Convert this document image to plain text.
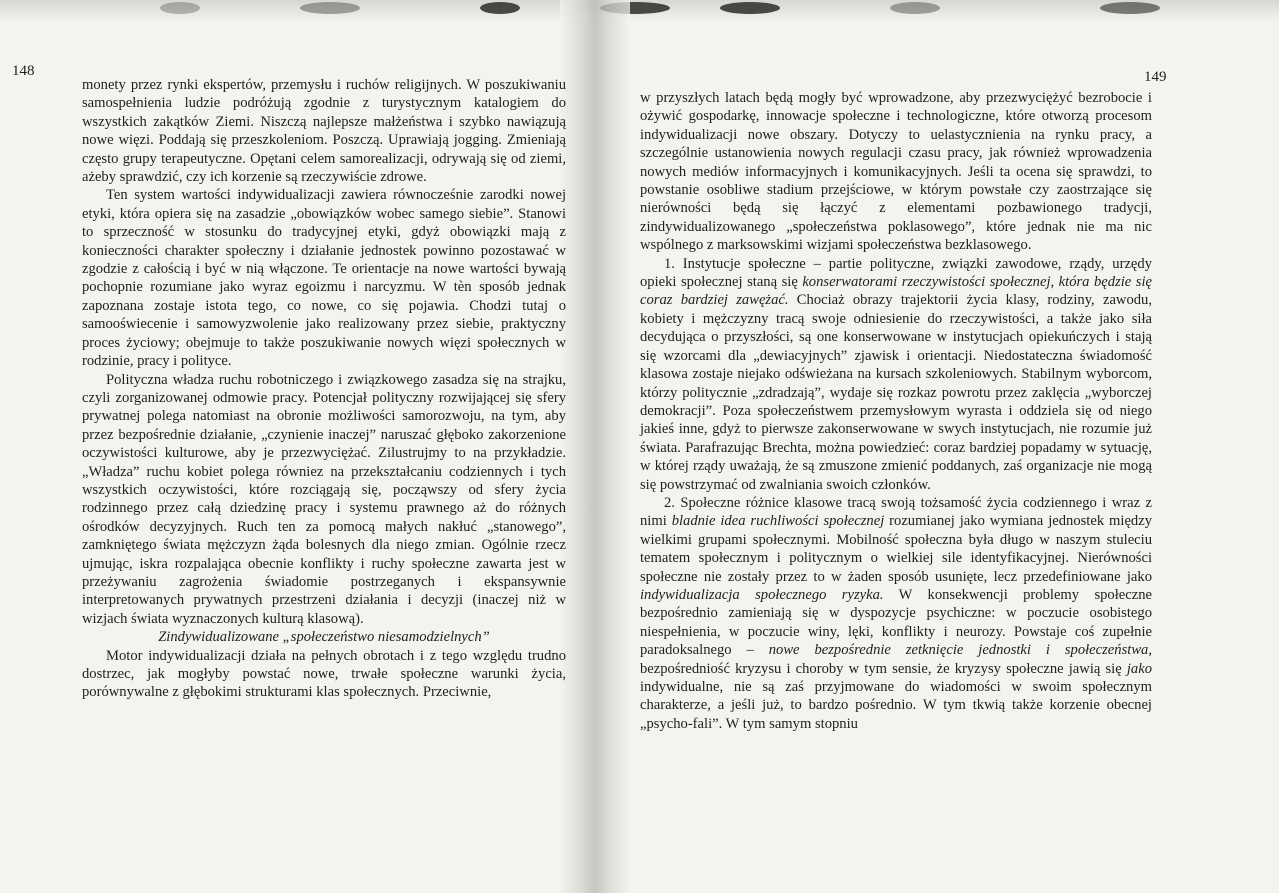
148	149

monety przez rynki ekspertów, przemysłu i ruchów religijnych. W poszukiwaniu samospełnienia ludzie podróżują zgodnie z turystycznym katalogiem do wszystkich zakątków Ziemi. Niszczą najlepsze małżeństwa i szybko nawiązują nowe więzi. Poddają się przeszkoleniom. Poszczą. Uprawiają jogging. Zmieniają często grupy terapeutyczne. Opętani celem samorealizacji, odrywają się od ziemi, ażeby sprawdzić, czy ich korzenie są rzeczywiście zdrowe.

Ten system wartości indywidualizacji zawiera równocześnie zarodki nowej etyki, która opiera się na zasadzie „obowiązków wobec samego siebie”. Stanowi to sprzeczność w stosunku do tradycyjnej etyki, gdyż obowiązki mają z konieczności charakter społeczny i działanie jednostek powinno pozostawać w zgodzie z całością i być w nią włączone. Te orientacje na nowe wartości bywają pochopnie rozumiane jako wyraz egoizmu i narcyzmu. W tèn sposób jednak zapoznana zostaje istota tego, co nowe, co się pojawia. Chodzi tutaj o samooświecenie i samowyzwolenie jako realizowany przez siebie, praktyczny proces życiowy; obejmuje to także poszukiwanie nowych więzi społecznych w rodzinie, pracy i polityce.

Polityczna władza ruchu robotniczego i związkowego zasadza się na strajku, czyli zorganizowanej odmowie pracy. Potencjał polityczny rozwijającej się sfery prywatnej polega natomiast na obronie możliwości samorozwoju, na tym, aby przez bezpośrednie działanie, „czynienie inaczej” naruszać głęboko zakorzenione oczywistości kulturowe, aby je przezwyciężać. Zilustrujmy to na przykładzie. „Władza” ruchu kobiet polega równiez na przekształcaniu codziennych i tych wszystkich oczywistości, które rozciągają się, począwszy od sfery życia rodzinnego przez całą dziedzinę pracy i systemu prawnego aż do różnych ośrodków decyzyjnych. Ruch ten za pomocą małych nakłuć „stanowego”, zamkniętego świata mężczyzn żąda bolesnych dla niego zmian. Ogólnie rzecz ujmując, iskra rozpalająca obecnie konflikty i ruchy społeczne zawarta jest w przeżywaniu zagrożenia świadomie postrzeganych i ekspansywnie interpretowanych prywatnych przestrzeni działania i decyzji (inaczej niż w wizjach świata wyznaczonych kulturą klasową).

Zindywidualizowane „społeczeństwo niesamodzielnych”

Motor indywidualizacji działa na pełnych obrotach i z tego względu trudno dostrzec, jak mogłyby powstać nowe, trwałe społeczne warunki życia, porównywalne z głębokimi strukturami klas społecznych. Przeciwnie,

w przyszłych latach będą mogły być wprowadzone, aby przezwyciężyć bezrobocie i ożywić gospodarkę, innowacje społeczne i technologiczne, które otworzą procesom indywidualizacji nowe obszary. Dotyczy to uelastycznienia na rynku pracy, a szczególnie ustanowienia nowych regulacji czasu pracy, jak również wprowadzenia nowych mediów informacyjnych i komunikacyjnych. Jeśli ta ocena się sprawdzi, to powstanie osobliwe stadium przejściowe, w którym powstałe czy zaostrzające się nierówności będą się łączyć z elementami pozbawionego tradycji, zindywidualizowanego „społeczeństwa poklasowego”, które jednak nie ma nic wspólnego z marksowskimi wizjami społeczeństwa bezklasowego.

1. Instytucje społeczne – partie polityczne, związki zawodowe, rządy, urzędy opieki społecznej staną się konserwatorami rzeczywistości społecznej, która będzie się coraz bardziej zawężać. Chociaż obrazy trajektorii życia klasy, rodziny, zawodu, kobiety i mężczyzny tracą swoje odniesienie do rzeczywistości, a także jako siła decydująca o przyszłości, są one konserwowane w instytucjach opiekuńczych i stają się wzorcami dla „dewiacyjnych” zjawisk i orientacji. Niedostateczna świadomość klasowa zostaje niejako odświeżana na kursach szkoleniowych. Stabilnym wyborcom, którzy politycznie „zdradzają”, wydaje się rozkaz powrotu przez zaklęcia „wyborczej demokracji”. Poza społeczeństwem przemysłowym wyrasta i oddziela się od niego jakieś inne, gdyż to pierwsze zakonserwowane w swych instytucjach, nie rozumie już świata. Parafrazując Brechta, można powiedzieć: coraz bardziej popadamy w sytuację, w której rządy uważają, że są zmuszone zmienić poddanych, zaś organizacje nie mogą się powstrzymać od zwalniania swoich członków.

2. Społeczne różnice klasowe tracą swoją tożsamość życia codziennego i wraz z nimi bladnie idea ruchliwości społecznej rozumianej jako wymiana jednostek między wielkimi grupami społecznymi. Mobilność społeczna była długo w naszym stuleciu tematem społecznym i politycznym o wielkiej sile identyfikacyjnej. Nierówności społeczne nie zostały przez to w żaden sposób usunięte, lecz przedefiniowane jako indywidualizacja społecznego ryzyka. W konsekwencji problemy społeczne bezpośrednio zamieniają się w dyspozycje psychiczne: w poczucie osobistego niespełnienia, w poczucie winy, lęki, konflikty i neurozy. Powstaje coś zupełnie paradoksalnego – nowe bezpośrednie zetknięcie jednostki i społeczeństwa, bezpośredniość kryzysu i choroby w tym sensie, że kryzysy społeczne jawią się jako indywidualne, nie są zaś przyjmowane do wiadomości w swoim społecznym charakterze, a jeśli już, to bardzo pośrednio. W tym tkwią także korzenie obecnej „psycho-fali”. W tym samym stopniu
